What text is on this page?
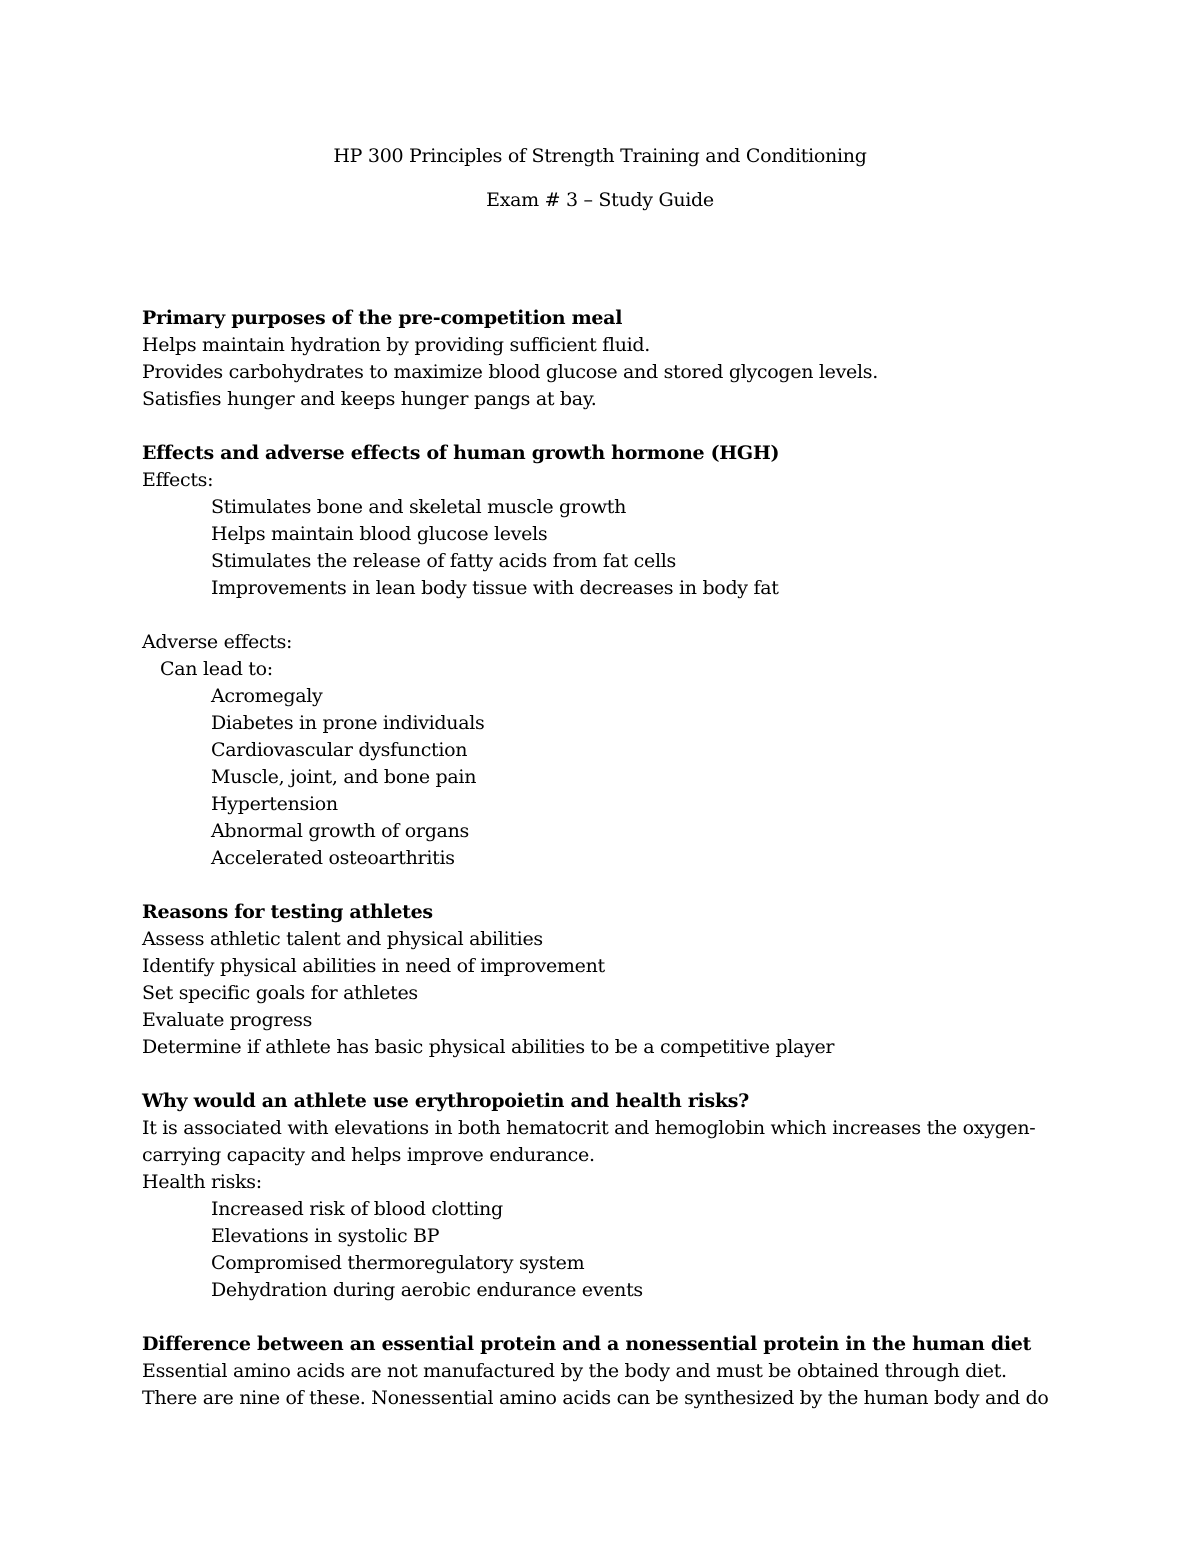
HP 300 Principles of Strength Training and Conditioning
Exam # 3 – Study Guide
Primary purposes of the pre-competition meal
Helps maintain hydration by providing sufficient fluid.
Provides carbohydrates to maximize blood glucose and stored glycogen levels.
Satisfies hunger and keeps hunger pangs at bay.
Effects and adverse effects of human growth hormone (HGH)
Effects:
Stimulates bone and skeletal muscle growth
Helps maintain blood glucose levels
Stimulates the release of fatty acids from fat cells
Improvements in lean body tissue with decreases in body fat
Adverse effects:
Can lead to:
Acromegaly
Diabetes in prone individuals
Cardiovascular dysfunction
Muscle, joint, and bone pain
Hypertension
Abnormal growth of organs
Accelerated osteoarthritis
Reasons for testing athletes
Assess athletic talent and physical abilities
Identify physical abilities in need of improvement
Set specific goals for athletes
Evaluate progress
Determine if athlete has basic physical abilities to be a competitive player
Why would an athlete use erythropoietin and health risks?
It is associated with elevations in both hematocrit and hemoglobin which increases the oxygen-
carrying capacity and helps improve endurance.
Health risks:
Increased risk of blood clotting
Elevations in systolic BP
Compromised thermoregulatory system
Dehydration during aerobic endurance events
Difference between an essential protein and a nonessential protein in the human diet
Essential amino acids are not manufactured by the body and must be obtained through diet.
There are nine of these. Nonessential amino acids can be synthesized by the human body and do
